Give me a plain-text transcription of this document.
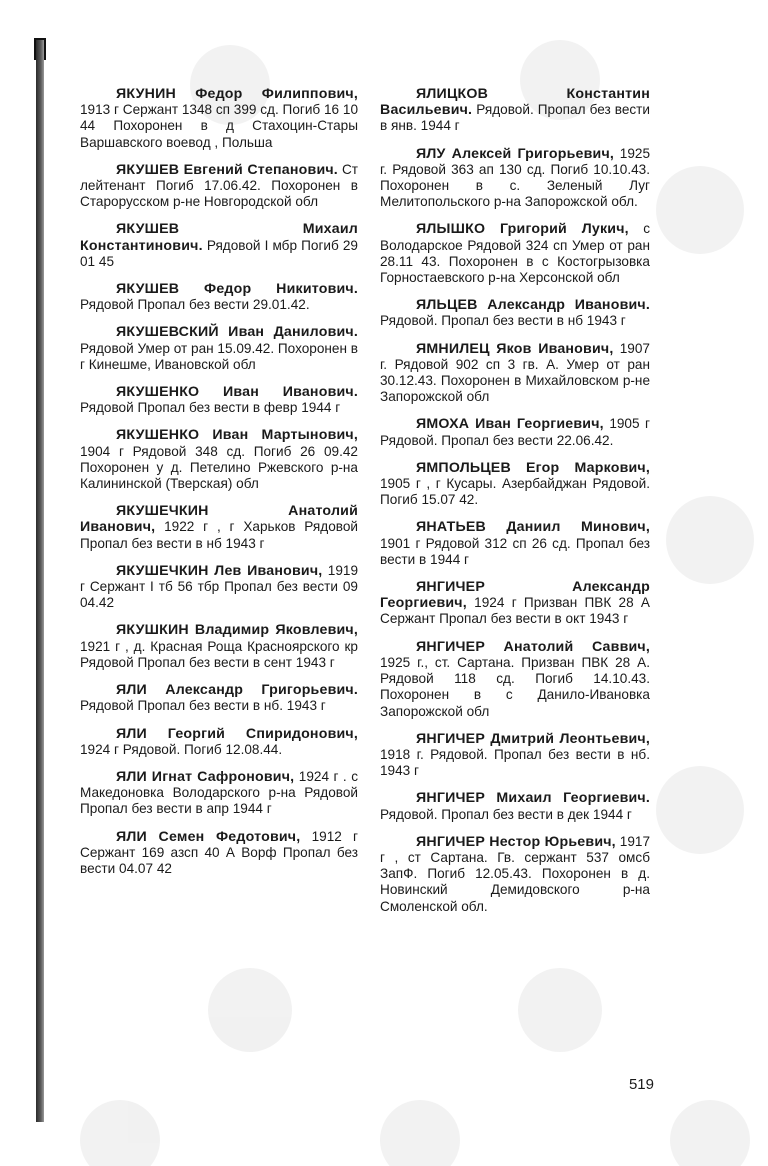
ЯКУНИН Федор Филиппович, 1913 г Сержант 1348 сп 399 сд. Погиб 16 10 44 Похоронен в д Стахоцин-Стары Варшавского воевод , Польша
ЯКУШЕВ Евгений Степанович. Ст лейтенант Погиб 17.06.42. Похоронен в Старорусском р-не Новгородской обл
ЯКУШЕВ Михаил Константинович. Рядовой I мбр Погиб 29 01 45
ЯКУШЕВ Федор Никитович. Рядовой Пропал без вести 29.01.42.
ЯКУШЕВСКИЙ Иван Данилович. Рядовой Умер от ран 15.09.42. Похоронен в г Кинешме, Ивановской обл
ЯКУШЕНКО Иван Иванович. Рядовой Пропал без вести в февр 1944 г
ЯКУШЕНКО Иван Мартынович, 1904 г Рядовой 348 сд. Погиб 26 09.42 Похоронен у д. Петелино Ржевского р-на Калининской (Тверская) обл
ЯКУШЕЧКИН Анатолий Иванович, 1922 г , г Харьков Рядовой Пропал без вести в нб 1943 г
ЯКУШЕЧКИН Лев Иванович, 1919 г Сержант I тб 56 тбр Пропал без вести 09 04.42
ЯКУШКИН Владимир Яковлевич, 1921 г , д. Красная Роща Красноярского кр Рядовой Пропал без вести в сент 1943 г
ЯЛИ Александр Григорьевич. Рядовой Пропал без вести в нб. 1943 г
ЯЛИ Георгий Спиридонович, 1924 г Рядовой. Погиб 12.08.44.
ЯЛИ Игнат Сафронович, 1924 г . с Македоновка Володарского р-на Рядовой Пропал без вести в апр 1944 г
ЯЛИ Семен Федотович, 1912 г Сержант 169 азсп 40 А Ворф Пропал без вести 04.07 42
ЯЛИЦКОВ Константин Васильевич. Рядовой. Пропал без вести в янв. 1944 г
ЯЛУ Алексей Григорьевич, 1925 г. Рядовой 363 ап 130 сд. Погиб 10.10.43. Похоронен в с. Зеленый Луг Мелитопольского р-на Запорожской обл.
ЯЛЫШКО Григорий Лукич, с Володарское Рядовой 324 сп Умер от ран 28.11 43. Похоронен в с Костогрызовка Горностаевского р-на Херсонской обл
ЯЛЬЦЕВ Александр Иванович. Рядовой. Пропал без вести в нб 1943 г
ЯМНИЛЕЦ Яков Иванович, 1907 г. Рядовой 902 сп 3 гв. А. Умер от ран 30.12.43. Похоронен в Михайловском р-не Запорожской обл
ЯМОХА Иван Георгиевич, 1905 г Рядовой. Пропал без вести 22.06.42.
ЯМПОЛЬЦЕВ Егор Маркович, 1905 г , г Кусары. Азербайджан Рядовой. Погиб 15.07 42.
ЯНАТЬЕВ Даниил Минович, 1901 г Рядовой 312 сп 26 сд. Пропал без вести в 1944 г
ЯНГИЧЕР Александр Георгиевич, 1924 г Призван ПВК 28 А Сержант Пропал без вести в окт 1943 г
ЯНГИЧЕР Анатолий Саввич, 1925 г., ст. Сартана. Призван ПВК 28 А. Рядовой 118 сд. Погиб 14.10.43. Похоронен в с Данило-Ивановка Запорожской обл
ЯНГИЧЕР Дмитрий Леонтьевич, 1918 г. Рядовой. Пропал без вести в нб. 1943 г
ЯНГИЧЕР Михаил Георгиевич. Рядовой. Пропал без вести в дек 1944 г
ЯНГИЧЕР Нестор Юрьевич, 1917 г , ст Сартана. Гв. сержант 537 омсб ЗапФ. Погиб 12.05.43. Похоронен в д. Новинский Демидовского р-на Смоленской обл.
519
